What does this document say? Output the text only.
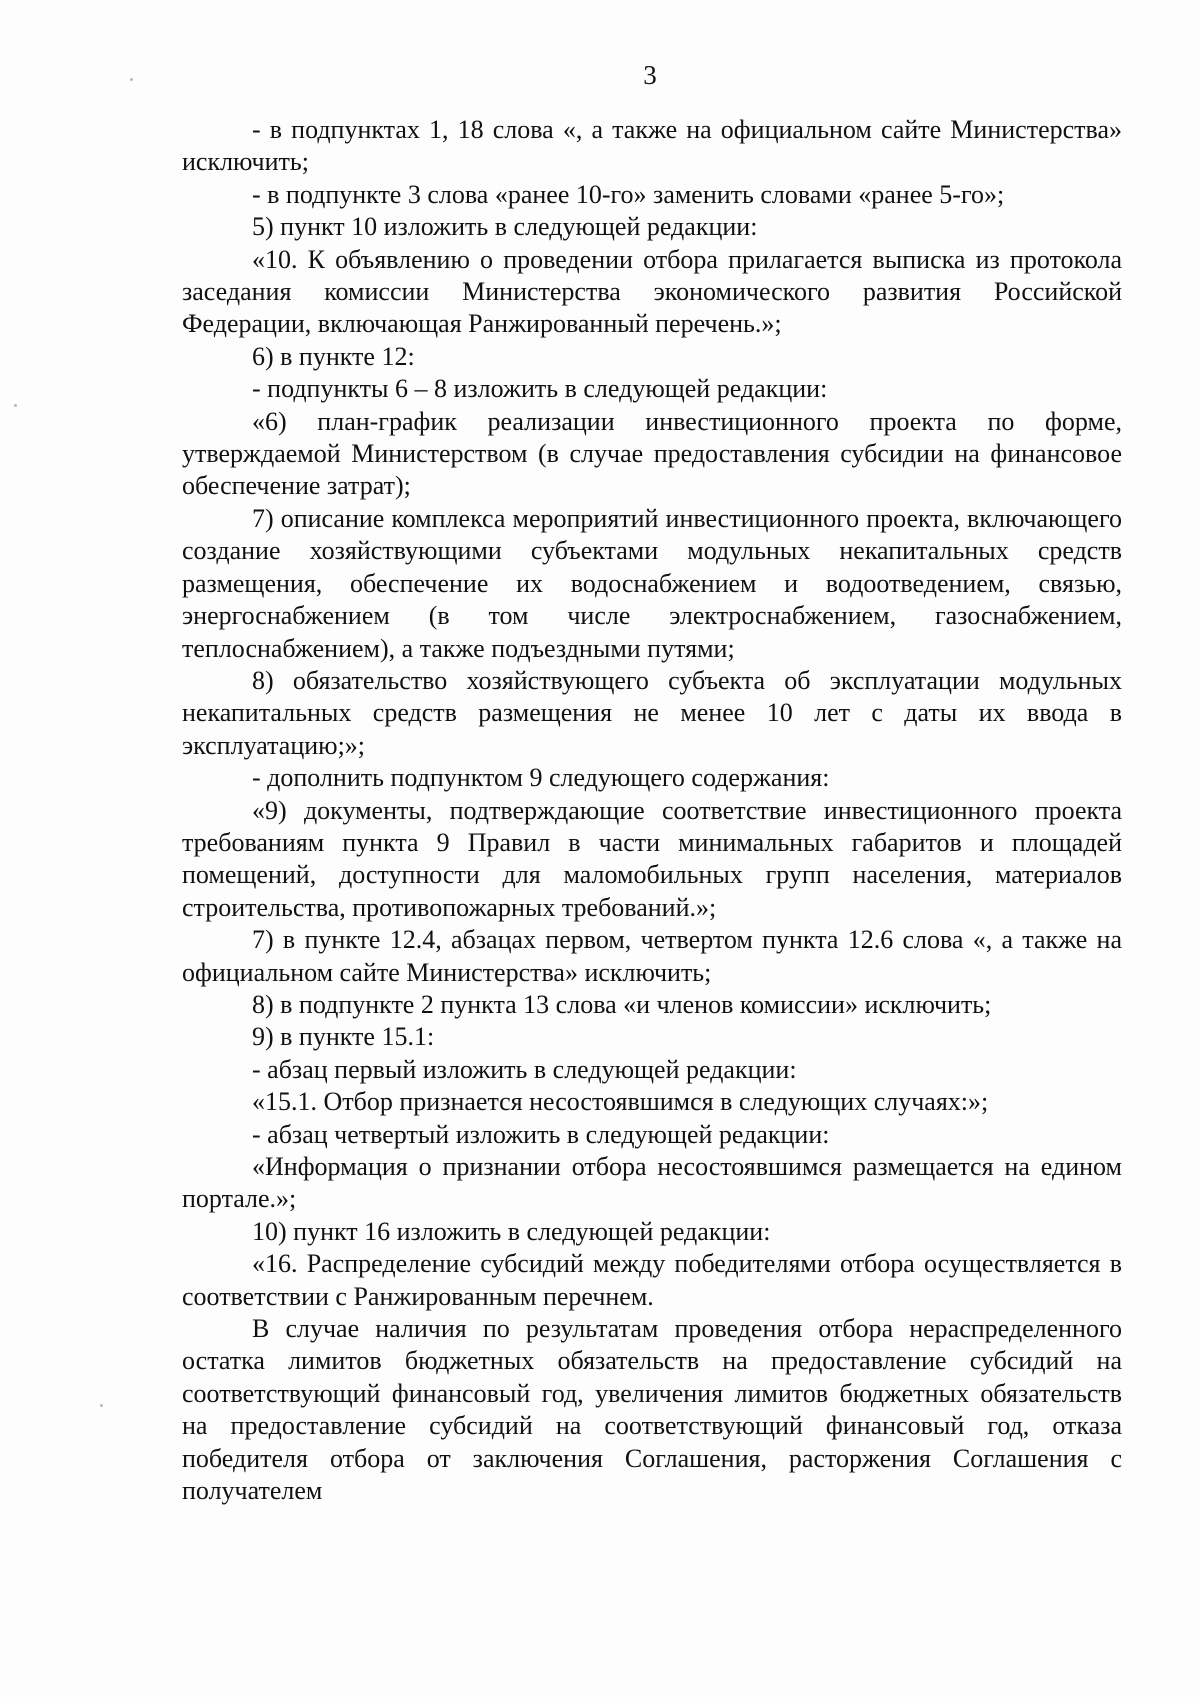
3

- в подпунктах 1, 18 слова «, а также на официальном сайте Министерства» исключить;

- в подпункте 3 слова «ранее 10-го» заменить словами «ранее 5-го»;

5) пункт 10 изложить в следующей редакции:

«10. К объявлению о проведении отбора прилагается выписка из протокола заседания комиссии Министерства экономического развития Российской Федерации, включающая Ранжированный перечень.»;

6) в пункте 12:

- подпункты 6 – 8 изложить в следующей редакции:

«6) план-график реализации инвестиционного проекта по форме, утверждаемой Министерством (в случае предоставления субсидии на финансовое обеспечение затрат);

7) описание комплекса мероприятий инвестиционного проекта, включающего создание хозяйствующими субъектами модульных некапитальных средств размещения, обеспечение их водоснабжением и водоотведением, связью, энергоснабжением (в том числе электроснабжением, газоснабжением, теплоснабжением), а также подъездными путями;

8) обязательство хозяйствующего субъекта об эксплуатации модульных некапитальных средств размещения не менее 10 лет с даты их ввода в эксплуатацию;»;

- дополнить подпунктом 9 следующего содержания:

«9) документы, подтверждающие соответствие инвестиционного проекта требованиям пункта 9 Правил в части минимальных габаритов и площадей помещений, доступности для маломобильных групп населения, материалов строительства, противопожарных требований.»;

7) в пункте 12.4, абзацах первом, четвертом пункта 12.6 слова «, а также на официальном сайте Министерства» исключить;

8) в подпункте 2 пункта 13 слова «и членов комиссии» исключить;

9) в пункте 15.1:

- абзац первый изложить в следующей редакции:

«15.1. Отбор признается несостоявшимся в следующих случаях:»;

- абзац четвертый изложить в следующей редакции:

«Информация о признании отбора несостоявшимся размещается на едином портале.»;

10) пункт 16 изложить в следующей редакции:

«16. Распределение субсидий между победителями отбора осуществляется в соответствии с Ранжированным перечнем.

В случае наличия по результатам проведения отбора нераспределенного остатка лимитов бюджетных обязательств на предоставление субсидий на соответствующий финансовый год, увеличения лимитов бюджетных обязательств на предоставление субсидий на соответствующий финансовый год, отказа победителя отбора от заключения Соглашения, расторжения Соглашения с получателем
